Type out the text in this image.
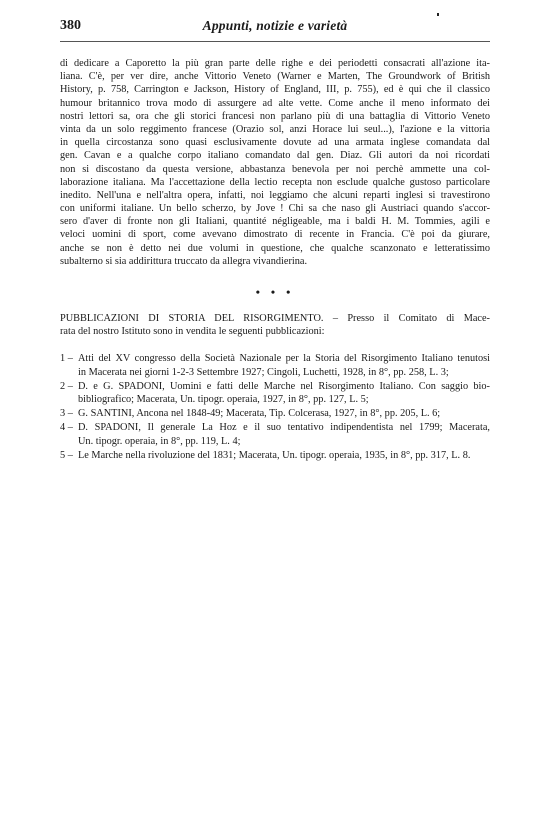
380	Appunti, notizie e varietà
di dedicare a Caporetto la più gran parte delle righe e dei periodetti consacrati all'azione ita-
liana. C'è, per ver dire, anche Vittorio Veneto (Warner e Marten, The Groundwork of British
History, p. 758, Carrington e Jackson, History of England, III, p. 755), ed è qui che il classico
humour britannico trova modo di assurgere ad alte vette. Come anche il meno informato dei
nostri lettori sa, ora che gli storici francesi non parlano più di una battaglia di Vittorio Veneto
vinta da un solo reggimento francese (Orazio sol, anzi Horace lui seul...), l'azione e la vittoria
in quella circostanza sono quasi esclusivamente dovute ad una armata inglese comandata dal
gen. Cavan e a qualche corpo italiano comandato dal gen. Diaz. Gli autori da noi ricordati
non si discostano da questa versione, abbastanza benevola per noi perchè ammette una col-
laborazione italiana. Ma l'accettazione della lectio recepta non esclude qualche gustoso particolare
inedito. Nell'una e nell'altra opera, infatti, noi leggiamo che alcuni reparti inglesi si travestirono
con uniformi italiane. Un bello scherzo, by Jove ! Chi sa che naso gli Austriaci quando s'accor-
sero d'aver di fronte non gli Italiani, quantité négligeable, ma i baldi H. M. Tommies, agili e
veloci uomini di sport, come avevano dimostrato di recente in Francia. C'è poi da giurare,
anche se non è detto nei due volumi in questione, che qualche scanzonato e letteratissimo
subalterno si sia addirittura truccato da allegra vivandierina.
• • •
PUBBLICAZIONI DI STORIA DEL RISORGIMENTO. – Presso il Comitato di Mace-
rata del nostro Istituto sono in vendita le seguenti pubblicazioni:
1 – Atti del XV congresso della Società Nazionale per la Storia del Risorgimento Italiano tenutosi
in Macerata nei giorni 1-2-3 Settembre 1927; Cingoli, Luchetti, 1928, in 8°, pp. 258, L. 3;
2 – D. e G. SPADONI, Uomini e fatti delle Marche nel Risorgimento Italiano. Con saggio bio-
bibliografico; Macerata, Un. tipogr. operaia, 1927, in 8°, pp. 127, L. 5;
3 – G. SANTINI, Ancona nel 1848-49; Macerata, Tip. Colcerasa, 1927, in 8°, pp. 205, L. 6;
4 – D. SPADONI, Il generale La Hoz e il suo tentativo indipendentista nel 1799; Macerata,
Un. tipogr. operaia, in 8°, pp. 119, L. 4;
5 – Le Marche nella rivoluzione del 1831; Macerata, Un. tipogr. operaia, 1935, in 8°, pp. 317, L. 8.
